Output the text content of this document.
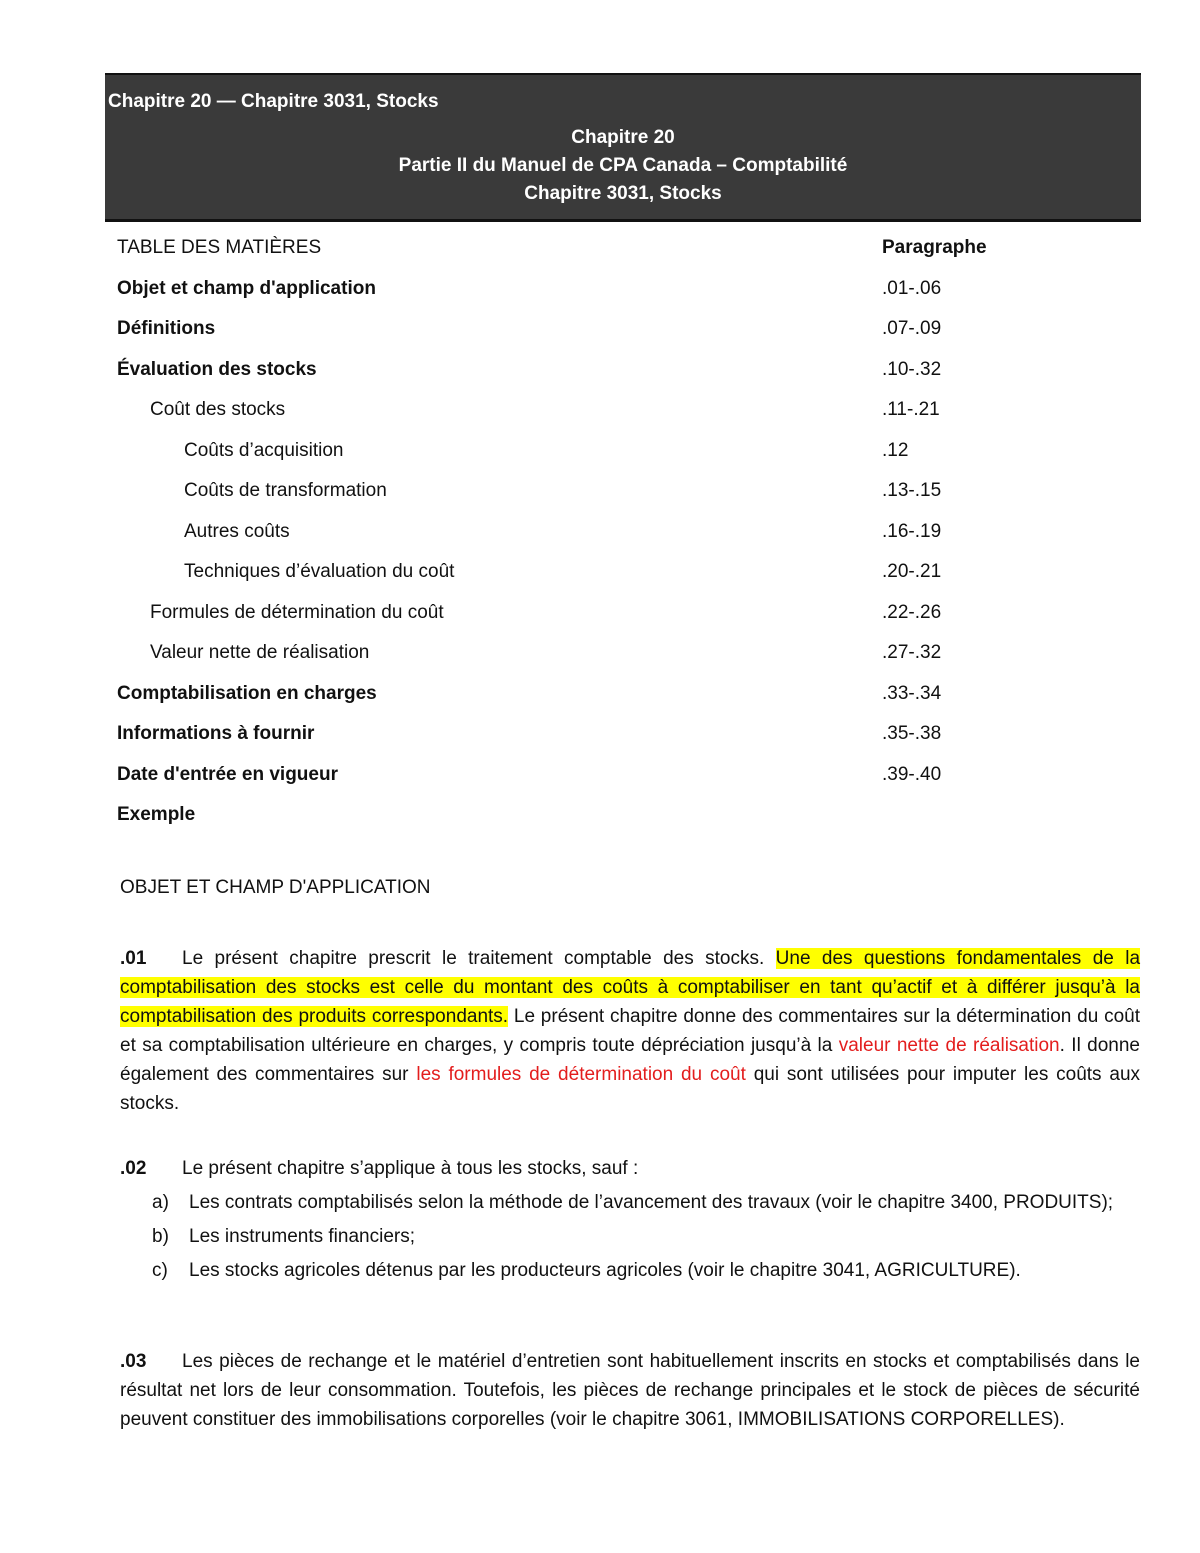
Chapitre 20 — Chapitre 3031, Stocks
Chapitre 20
Partie II du Manuel de CPA Canada – Comptabilité
Chapitre 3031, Stocks
TABLE DES MATIÈRES	Paragraphe
Objet et champ d'application	.01-.06
Définitions	.07-.09
Évaluation des stocks	.10-.32
Coût des stocks	.11-.21
Coûts d’acquisition	.12
Coûts de transformation	.13-.15
Autres coûts	.16-.19
Techniques d’évaluation du coût	.20-.21
Formules de détermination du coût	.22-.26
Valeur nette de réalisation	.27-.32
Comptabilisation en charges	.33-.34
Informations à fournir	.35-.38
Date d'entrée en vigueur	.39-.40
Exemple
OBJET ET CHAMP D'APPLICATION
.01 Le présent chapitre prescrit le traitement comptable des stocks. Une des questions fondamentales de la comptabilisation des stocks est celle du montant des coûts à comptabiliser en tant qu’actif et à différer jusqu’à la comptabilisation des produits correspondants. Le présent chapitre donne des commentaires sur la détermination du coût et sa comptabilisation ultérieure en charges, y compris toute dépréciation jusqu’à la valeur nette de réalisation. Il donne également des commentaires sur les formules de détermination du coût qui sont utilisées pour imputer les coûts aux stocks.
.02 Le présent chapitre s’applique à tous les stocks, sauf :
a) Les contrats comptabilisés selon la méthode de l’avancement des travaux (voir le chapitre 3400, PRODUITS);
b) Les instruments financiers;
c) Les stocks agricoles détenus par les producteurs agricoles (voir le chapitre 3041, AGRICULTURE).
.03 Les pièces de rechange et le matériel d’entretien sont habituellement inscrits en stocks et comptabilisés dans le résultat net lors de leur consommation. Toutefois, les pièces de rechange principales et le stock de pièces de sécurité peuvent constituer des immobilisations corporelles (voir le chapitre 3061, IMMOBILISATIONS CORPORELLES).
